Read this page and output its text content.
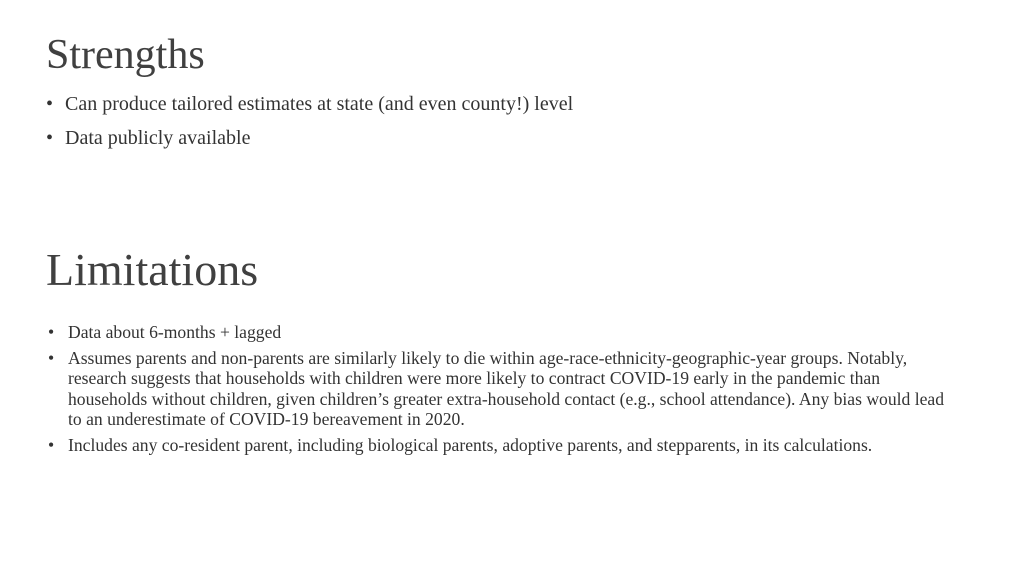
Strengths
• Can produce tailored estimates at state (and even county!) level
• Data publicly available
Limitations
• Data about 6-months + lagged
• Assumes parents and non-parents are similarly likely to die within age-race-ethnicity-geographic-year groups. Notably, research suggests that households with children were more likely to contract COVID-19 early in the pandemic than households without children, given children’s greater extra-household contact (e.g., school attendance). Any bias would lead to an underestimate of COVID-19 bereavement in 2020.
• Includes any co-resident parent, including biological parents, adoptive parents, and stepparents, in its calculations.
